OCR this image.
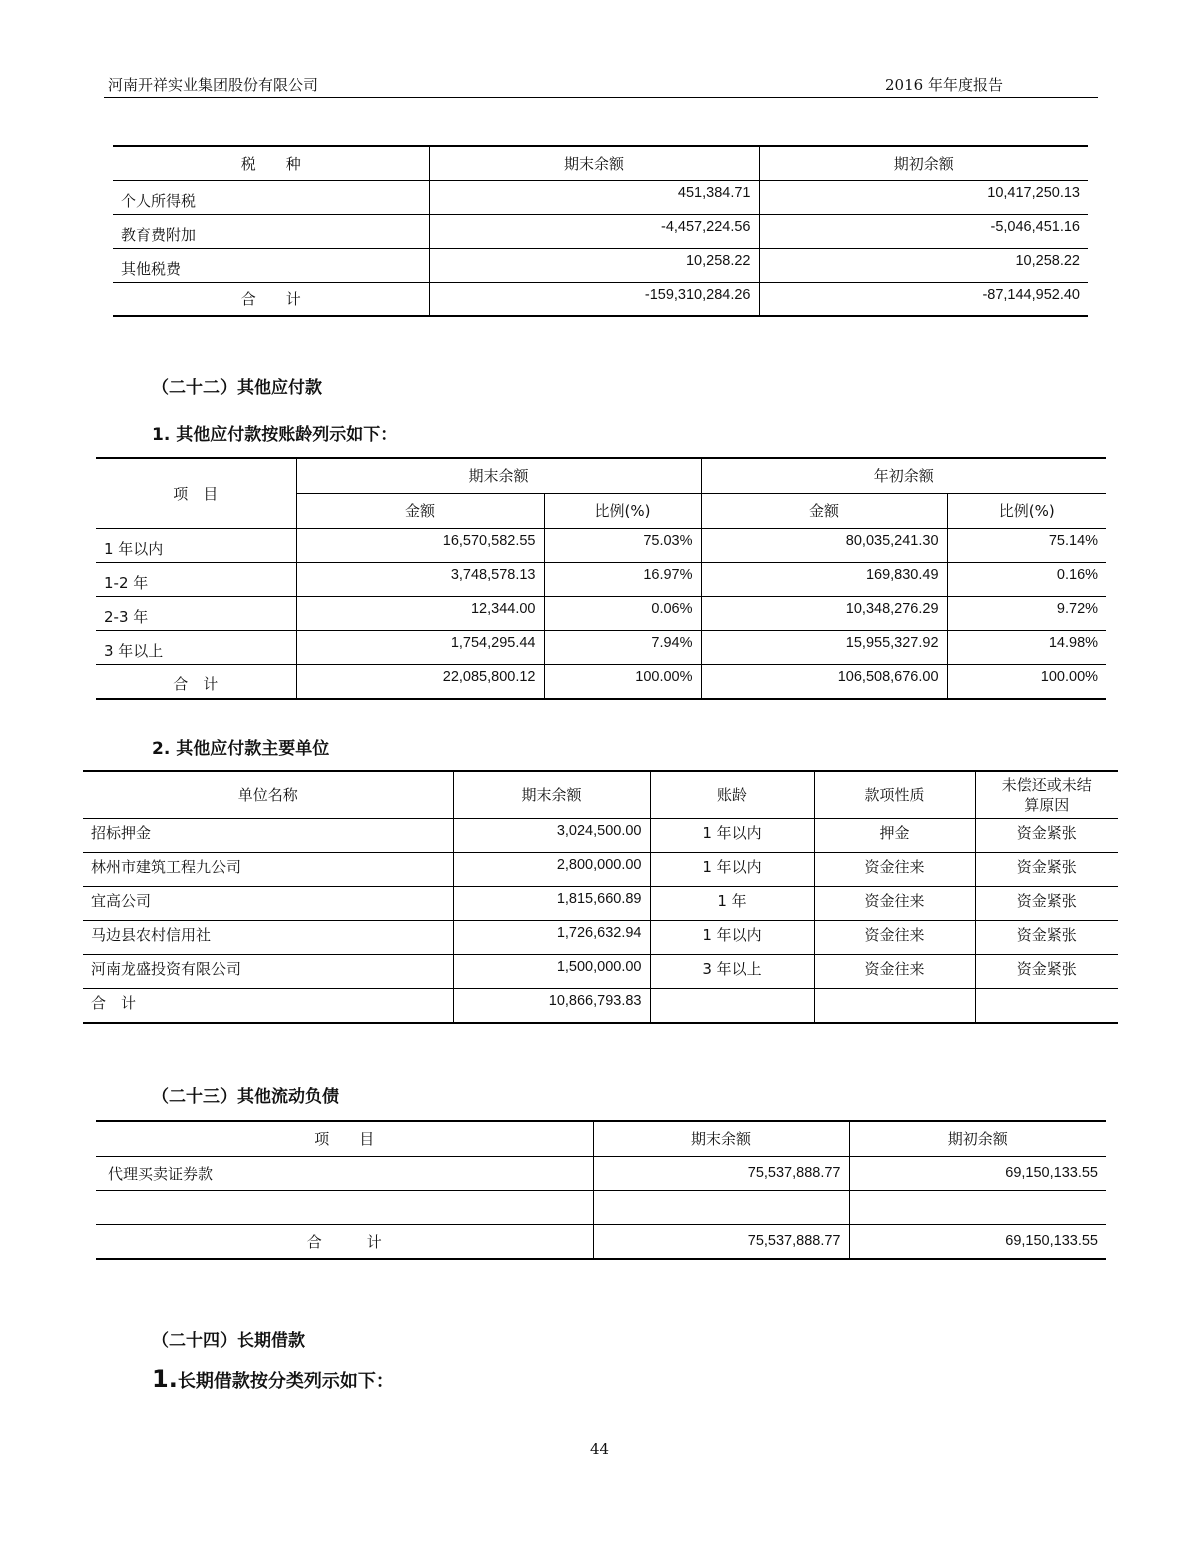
河南开祥实业集团股份有限公司	2016 年年度报告
税　　种	期末余额	期初余额
个人所得税	451,384.71	10,417,250.13
教育费附加	-4,457,224.56	-5,046,451.16
其他税费	10,258.22	10,258.22
合　　计	-159,310,284.26	-87,144,952.40
（二十二）其他应付款
1. 其他应付款按账龄列示如下：
项　目	期末余额		年初余额	
	金额	比例(%)	金额	比例(%)
1 年以内	16,570,582.55	75.03%	80,035,241.30	75.14%
1-2 年	3,748,578.13	16.97%	169,830.49	0.16%
2-3 年	12,344.00	0.06%	10,348,276.29	9.72%
3 年以上	1,754,295.44	7.94%	15,955,327.92	14.98%
合　计	22,085,800.12	100.00%	106,508,676.00	100.00%
2. 其他应付款主要单位
单位名称	期末余额	账龄	款项性质	未偿还或未结
算原因

招标押金	3,024,500.00	1 年以内	押金	资金紧张
林州市建筑工程九公司	2,800,000.00	1 年以内	资金往来	资金紧张
宜高公司	1,815,660.89	1 年	资金往来	资金紧张
马边县农村信用社	1,726,632.94	1 年以内	资金往来	资金紧张
河南龙盛投资有限公司	1,500,000.00	3 年以上	资金往来	资金紧张
合　计	10,866,793.83			
（二十三）其他流动负债
项　　目	期末余额	期初余额
代理买卖证券款	75,537,888.77	69,150,133.55

合　　　计	75,537,888.77	69,150,133.55
（二十四）长期借款
1.长期借款按分类列示如下：
44
